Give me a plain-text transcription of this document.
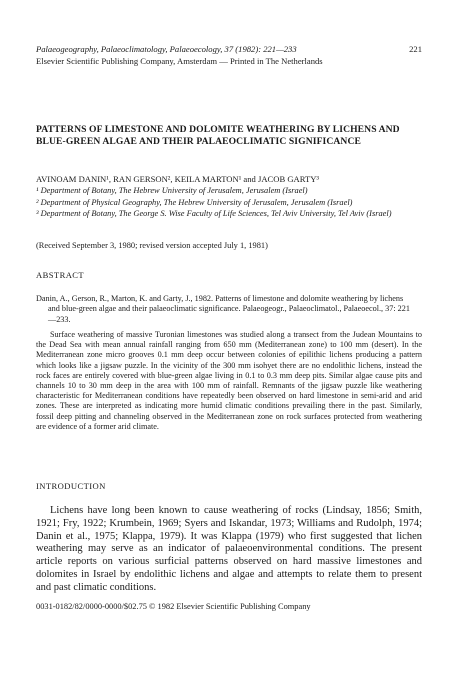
Palaeogeography, Palaeoclimatology, Palaeoecology, 37 (1982): 221—233	221
Elsevier Scientific Publishing Company, Amsterdam — Printed in The Netherlands
PATTERNS OF LIMESTONE AND DOLOMITE WEATHERING BY LICHENS AND BLUE-GREEN ALGAE AND THEIR PALAEOCLIMATIC SIGNIFICANCE
AVINOAM DANIN¹, RAN GERSON², KEILA MARTON¹ and JACOB GARTY³
¹ Department of Botany, The Hebrew University of Jerusalem, Jerusalem (Israel)
² Department of Physical Geography, The Hebrew University of Jerusalem, Jerusalem (Israel)
³ Department of Botany, The George S. Wise Faculty of Life Sciences, Tel Aviv University, Tel Aviv (Israel)
(Received September 3, 1980; revised version accepted July 1, 1981)
ABSTRACT
Danin, A., Gerson, R., Marton, K. and Garty, J., 1982. Patterns of limestone and dolomite weathering by lichens and blue-green algae and their palaeoclimatic significance. Palaeogeogr., Palaeoclimatol., Palaeoecol., 37: 221—233.
Surface weathering of massive Turonian limestones was studied along a transect from the Judean Mountains to the Dead Sea with mean annual rainfall ranging from 650 mm (Mediterranean zone) to 100 mm (desert). In the Mediterranean zone micro grooves 0.1 mm deep occur between colonies of epilithic lichens producing a pattern which looks like a jigsaw puzzle. In the vicinity of the 300 mm isohyet there are no endolithic lichens, instead the rock faces are entirely covered with blue-green algae living in 0.1 to 0.3 mm deep pits. Similar algae cause pits and channels 10 to 30 mm deep in the area with 100 mm of rainfall. Remnants of the jigsaw puzzle like weathering characteristic for Mediterranean conditions have repeatedly been observed on hard limestone in semi-arid and arid zones. These are interpreted as indicating more humid climatic conditions prevailing there in the past. Similarly, fossil deep pitting and channeling observed in the Mediterranean zone on rock surfaces protected from weathering are evidence of a former arid climate.
INTRODUCTION
Lichens have long been known to cause weathering of rocks (Lindsay, 1856; Smith, 1921; Fry, 1922; Krumbein, 1969; Syers and Iskandar, 1973; Williams and Rudolph, 1974; Danin et al., 1975; Klappa, 1979). It was Klappa (1979) who first suggested that lichen weathering may serve as an indicator of palaeoenvironmental conditions. The present article reports on various surficial patterns observed on hard massive limestones and dolomites in Israel by endolithic lichens and algae and attempts to relate them to present and past climatic conditions.
0031-0182/82/0000-0000/$02.75 © 1982 Elsevier Scientific Publishing Company
